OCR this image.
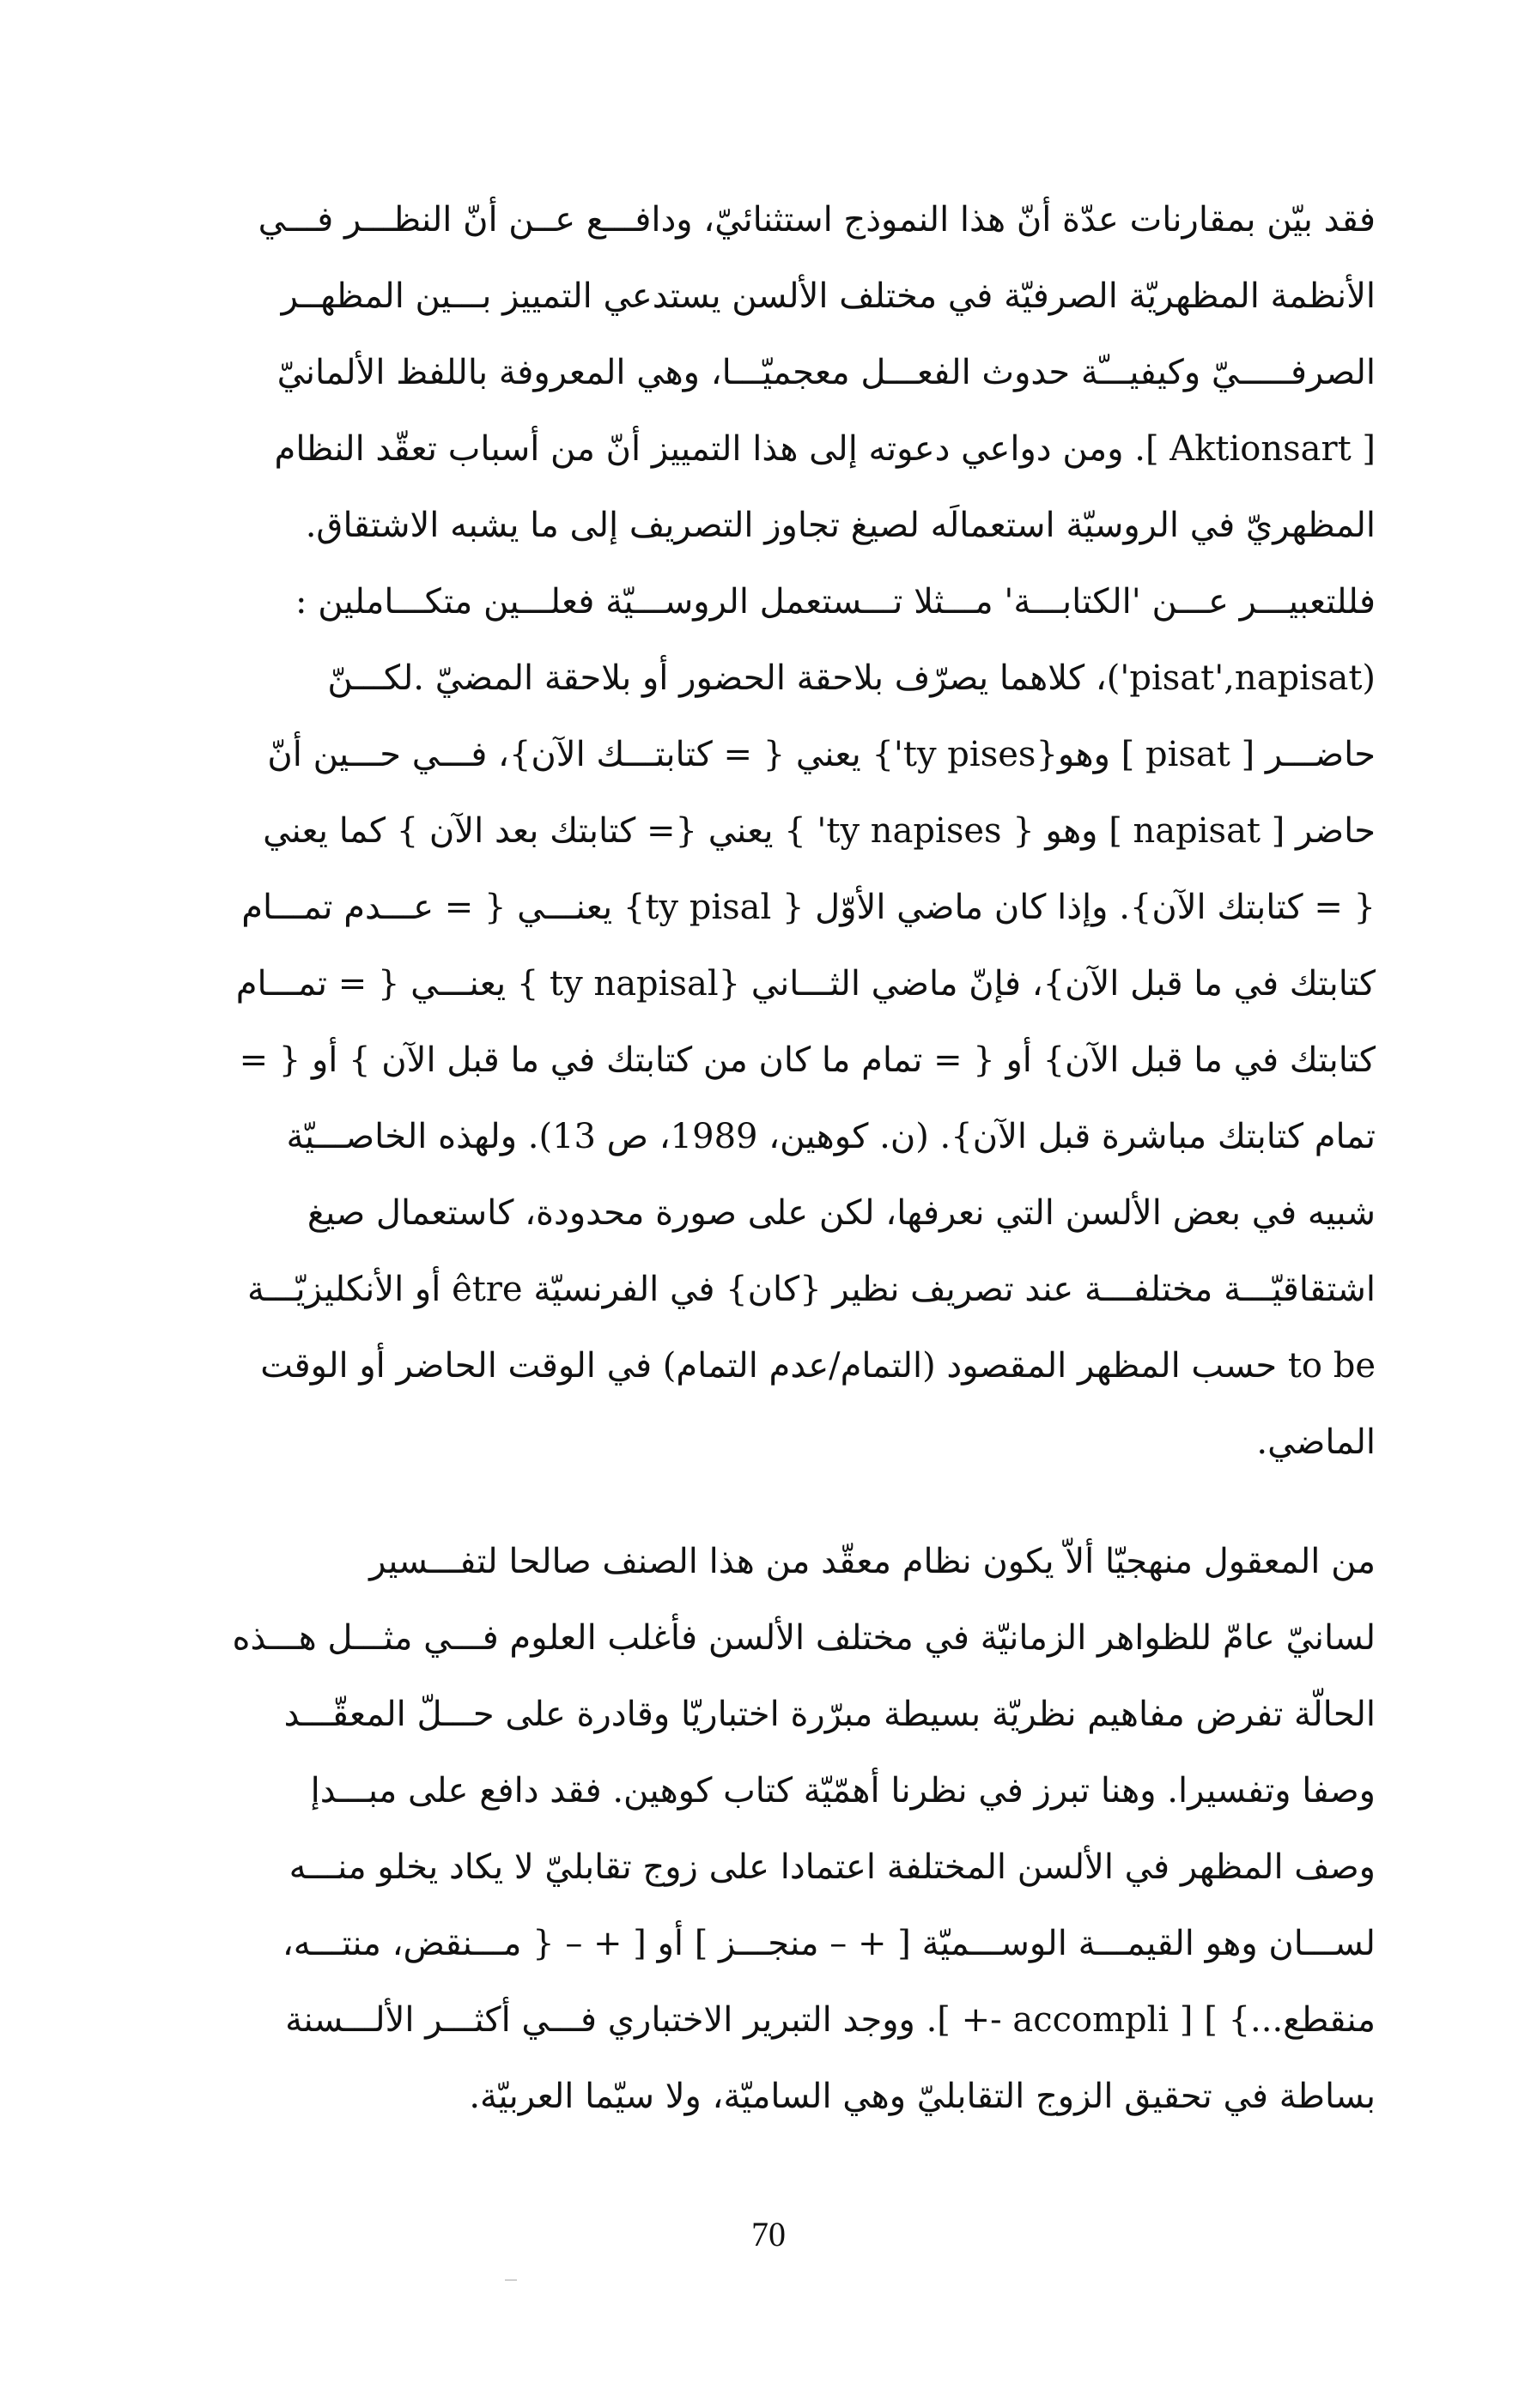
فقد بيّن بمقارنات عدّة أنّ هذا النموذج استثنائيّ، ودافـــع عــن أنّ النظـــر فـــي
الأنظمة المظهريّة الصرفيّة في مختلف الألسن يستدعي التمييز بـــين المظهــر
الصرفـــــيّ وكيفيـــّة حدوث الفعـــل معجميّـــا، وهي المعروفة باللفظ الألمانيّ
[ Aktionsart ]. ومن دواعي دعوته إلى هذا التمييز أنّ من أسباب تعقّد النظام
المظهريّ في الروسيّة استعمالَه لصيغ تجاوز التصريف إلى ما يشبه الاشتقاق.
فللتعبيـــر عـــن 'الكتابـــة' مـــثلا تـــستعمل الروســـيّة فعلـــين متكـــاملين :
(pisat',napisat')، كلاهما يصرّف بلاحقة الحضور أو بلاحقة المضيّ .لكـــنّ
حاضـــر [ pisat ] وهو{ty pises'} يعني { = كتابتـــك الآن}، فـــي حـــين أنّ
حاضر [ napisat ] وهو { ty napises' } يعني {= كتابتك بعد الآن } كما يعني
{ = كتابتك الآن}. وإذا كان ماضي الأوّل { ty pisal} يعنـــي { = عـــدم تمـــام
كتابتك في ما قبل الآن}، فإنّ ماضي الثـــاني {ty napisal } يعنـــي { = تمـــام
كتابتك في ما قبل الآن} أو { = تمام ما كان من كتابتك في ما قبل الآن } أو { =
تمام كتابتك مباشرة قبل الآن}. (ن. كوهين، 1989، ص 13). ولهذه الخاصـــيّة
شبيه في بعض الألسن التي نعرفها، لكن على صورة محدودة، كاستعمال صيغ
اشتقاقيّـــة مختلفـــة عند تصريف نظير {كان} في الفرنسيّة être أو الأنكليزيّـــة
to be حسب المظهر المقصود (التمام/عدم التمام) في الوقت الحاضر أو الوقت
الماضي.
من المعقول منهجيّا ألاّ يكون نظام معقّد من هذا الصنف صالحا لتفـــسير
لسانيّ عامّ للظواهر الزمانيّة في مختلف الألسن فأغلب العلوم فـــي مثـــل هـــذه
الحالّة تفرض مفاهيم نظريّة بسيطة مبرّرة اختباريّا وقادرة على حـــلّ المعقّـــد
وصفا وتفسيرا. وهنا تبرز في نظرنا أهمّيّة كتاب كوهين. فقد دافع على مبـــدإ
وصف المظهر في الألسن المختلفة اعتمادا على زوج تقابليّ لا يكاد يخلو منـــه
لســـان وهو القيمـــة الوســـميّة [ + – منجـــز ] أو [ + – { مـــنقض، منتـــه،
منقطع...} ] [ accompli -+ ]. ووجد التبرير الاختباري فـــي أكثـــر الألـــسنة
بساطة في تحقيق الزوج التقابليّ وهي الساميّة، ولا سيّما العربيّة.
70
